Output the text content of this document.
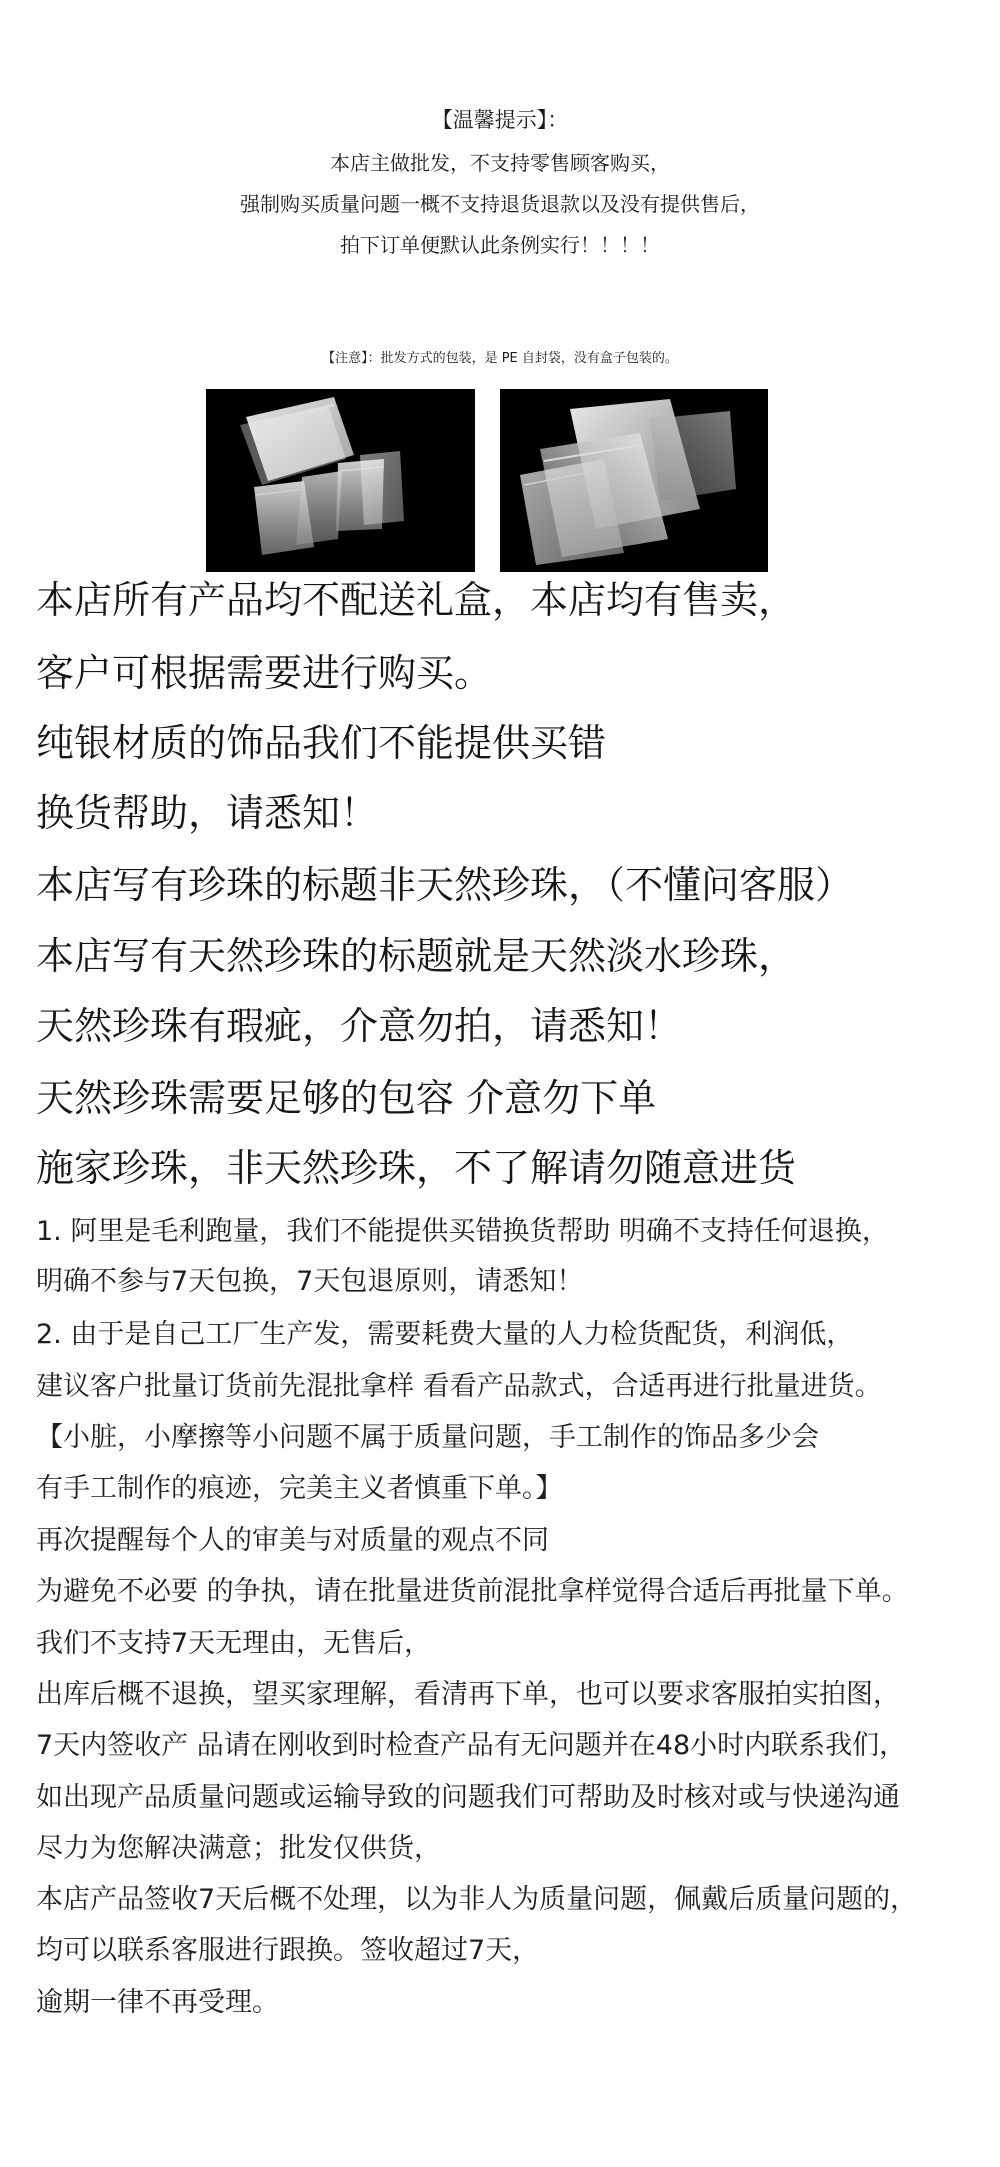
【温馨提示】：
本店主做批发，不支持零售顾客购买，
强制购买质量问题一概不支持退货退款以及没有提供售后，
拍下订单便默认此条例实行！！！！
【注意】：批发方式的包装，是 PE 自封袋，没有盒子包装的。
本店所有产品均不配送礼盒，本店均有售卖，
客户可根据需要进行购买。
纯银材质的饰品我们不能提供买错
换货帮助，请悉知！
本店写有珍珠的标题非天然珍珠，（不懂问客服）
本店写有天然珍珠的标题就是天然淡水珍珠，
天然珍珠有瑕疵，介意勿拍，请悉知！
天然珍珠需要足够的包容 介意勿下单
施家珍珠，非天然珍珠，不了解请勿随意进货
1. 阿里是毛利跑量，我们不能提供买错换货帮助 明确不支持任何退换，
明确不参与7天包换，7天包退原则，请悉知！
2. 由于是自己工厂生产发，需要耗费大量的人力检货配货，利润低，
建议客户批量订货前先混批拿样 看看产品款式，合适再进行批量进货。
【小脏，小摩擦等小问题不属于质量问题，手工制作的饰品多少会
有手工制作的痕迹，完美主义者慎重下单。】
再次提醒每个人的审美与对质量的观点不同
为避免不必要 的争执，请在批量进货前混批拿样觉得合适后再批量下单。
我们不支持7天无理由，无售后，
出库后概不退换，望买家理解，看清再下单，也可以要求客服拍实拍图，
7天内签收产 品请在刚收到时检查产品有无问题并在48小时内联系我们，
如出现产品质量问题或运输导致的问题我们可帮助及时核对或与快递沟通
尽力为您解决满意；批发仅供货，
本店产品签收7天后概不处理，以为非人为质量问题，佩戴后质量问题的，
均可以联系客服进行跟换。签收超过7天，
逾期一律不再受理。
